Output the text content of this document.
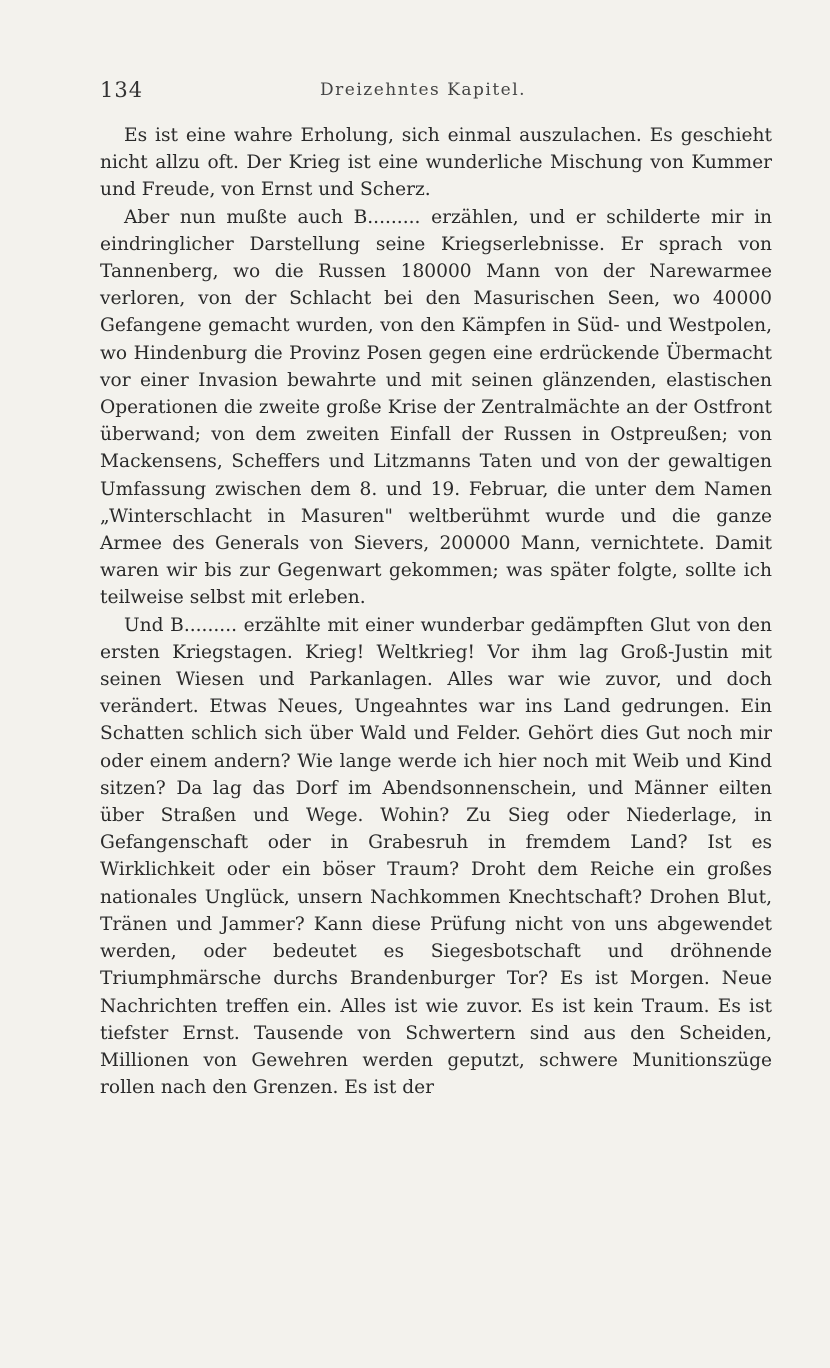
134	Dreizehntes Kapitel.

Es ist eine wahre Erholung, sich einmal auszulachen. Es geschieht nicht allzu oft. Der Krieg ist eine wunderliche Mischung von Kummer und Freude, von Ernst und Scherz.

Aber nun mußte auch B......... erzählen, und er schilderte mir in eindringlicher Darstellung seine Kriegserlebnisse. Er sprach von Tannenberg, wo die Russen 180000 Mann von der Narewarmee verloren, von der Schlacht bei den Masurischen Seen, wo 40000 Gefangene gemacht wurden, von den Kämpfen in Süd- und Westpolen, wo Hindenburg die Provinz Posen gegen eine erdrückende Übermacht vor einer Invasion bewahrte und mit seinen glänzenden, elastischen Operationen die zweite große Krise der Zentralmächte an der Ostfront überwand; von dem zweiten Einfall der Russen in Ostpreußen; von Mackensens, Scheffers und Litzmanns Taten und von der gewaltigen Umfassung zwischen dem 8. und 19. Februar, die unter dem Namen „Winterschlacht in Masuren" weltberühmt wurde und die ganze Armee des Generals von Sievers, 200000 Mann, vernichtete. Damit waren wir bis zur Gegenwart gekommen; was später folgte, sollte ich teilweise selbst mit erleben.

Und B......... erzählte mit einer wunderbar gedämpften Glut von den ersten Kriegstagen. Krieg! Weltkrieg! Vor ihm lag Groß-Justin mit seinen Wiesen und Parkanlagen. Alles war wie zuvor, und doch verändert. Etwas Neues, Ungeahntes war ins Land gedrungen. Ein Schatten schlich sich über Wald und Felder. Gehört dies Gut noch mir oder einem andern? Wie lange werde ich hier noch mit Weib und Kind sitzen? Da lag das Dorf im Abendsonnenschein, und Männer eilten über Straßen und Wege. Wohin? Zu Sieg oder Niederlage, in Gefangenschaft oder in Grabesruh in fremdem Land? Ist es Wirklichkeit oder ein böser Traum? Droht dem Reiche ein großes nationales Unglück, unsern Nachkommen Knechtschaft? Drohen Blut, Tränen und Jammer? Kann diese Prüfung nicht von uns abgewendet werden, oder bedeutet es Siegesbotschaft und dröhnende Triumphmärsche durchs Brandenburger Tor? Es ist Morgen. Neue Nachrichten treffen ein. Alles ist wie zuvor. Es ist kein Traum. Es ist tiefster Ernst. Tausende von Schwertern sind aus den Scheiden, Millionen von Gewehren werden geputzt, schwere Munitionszüge rollen nach den Grenzen. Es ist der
